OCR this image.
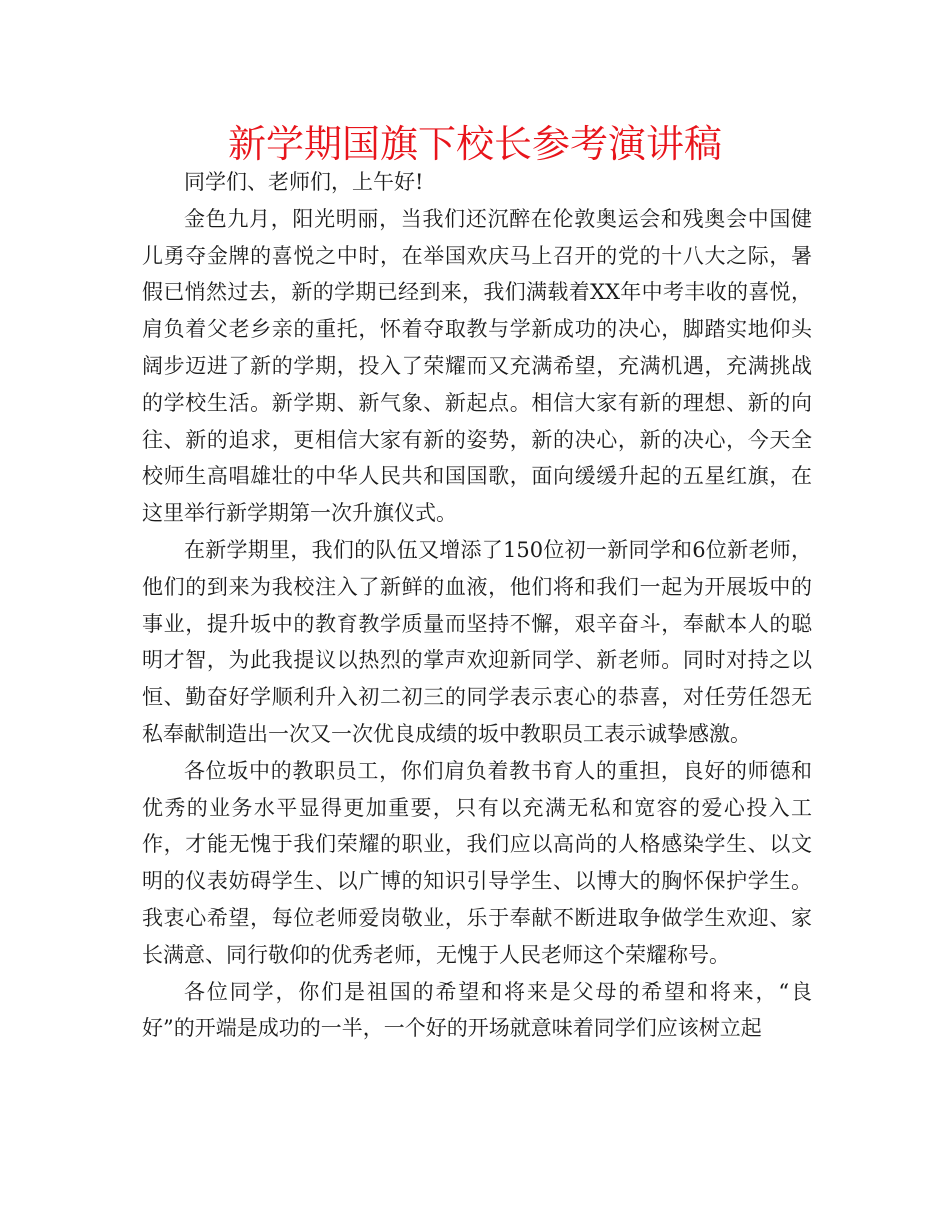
新学期国旗下校长参考演讲稿

同学们、老师们，上午好!

金色九月，阳光明丽，当我们还沉醉在伦敦奥运会和残奥会中国健儿勇夺金牌的喜悦之中时，在举国欢庆马上召开的党的十八大之际，暑假已悄然过去，新的学期已经到来，我们满载着XX年中考丰收的喜悦，肩负着父老乡亲的重托，怀着夺取教与学新成功的决心，脚踏实地仰头阔步迈进了新的学期，投入了荣耀而又充满希望，充满机遇，充满挑战的学校生活。新学期、新气象、新起点。相信大家有新的理想、新的向往、新的追求，更相信大家有新的姿势，新的决心，新的决心，今天全校师生高唱雄壮的中华人民共和国国歌，面向缓缓升起的五星红旗，在这里举行新学期第一次升旗仪式。

在新学期里，我们的队伍又增添了150位初一新同学和6位新老师，他们的到来为我校注入了新鲜的血液，他们将和我们一起为开展坂中的事业，提升坂中的教育教学质量而坚持不懈，艰辛奋斗，奉献本人的聪明才智，为此我提议以热烈的掌声欢迎新同学、新老师。同时对持之以恒、勤奋好学顺利升入初二初三的同学表示衷心的恭喜，对任劳任怨无私奉献制造出一次又一次优良成绩的坂中教职员工表示诚挚感激。

各位坂中的教职员工，你们肩负着教书育人的重担，良好的师德和优秀的业务水平显得更加重要，只有以充满无私和宽容的爱心投入工作，才能无愧于我们荣耀的职业，我们应以高尚的人格感染学生、以文明的仪表妨碍学生、以广博的知识引导学生、以博大的胸怀保护学生。我衷心希望，每位老师爱岗敬业，乐于奉献不断进取争做学生欢迎、家长满意、同行敬仰的优秀老师，无愧于人民老师这个荣耀称号。

各位同学，你们是祖国的希望和将来是父母的希望和将来，“良好”的开端是成功的一半，一个好的开场就意味着同学们应该树立起
